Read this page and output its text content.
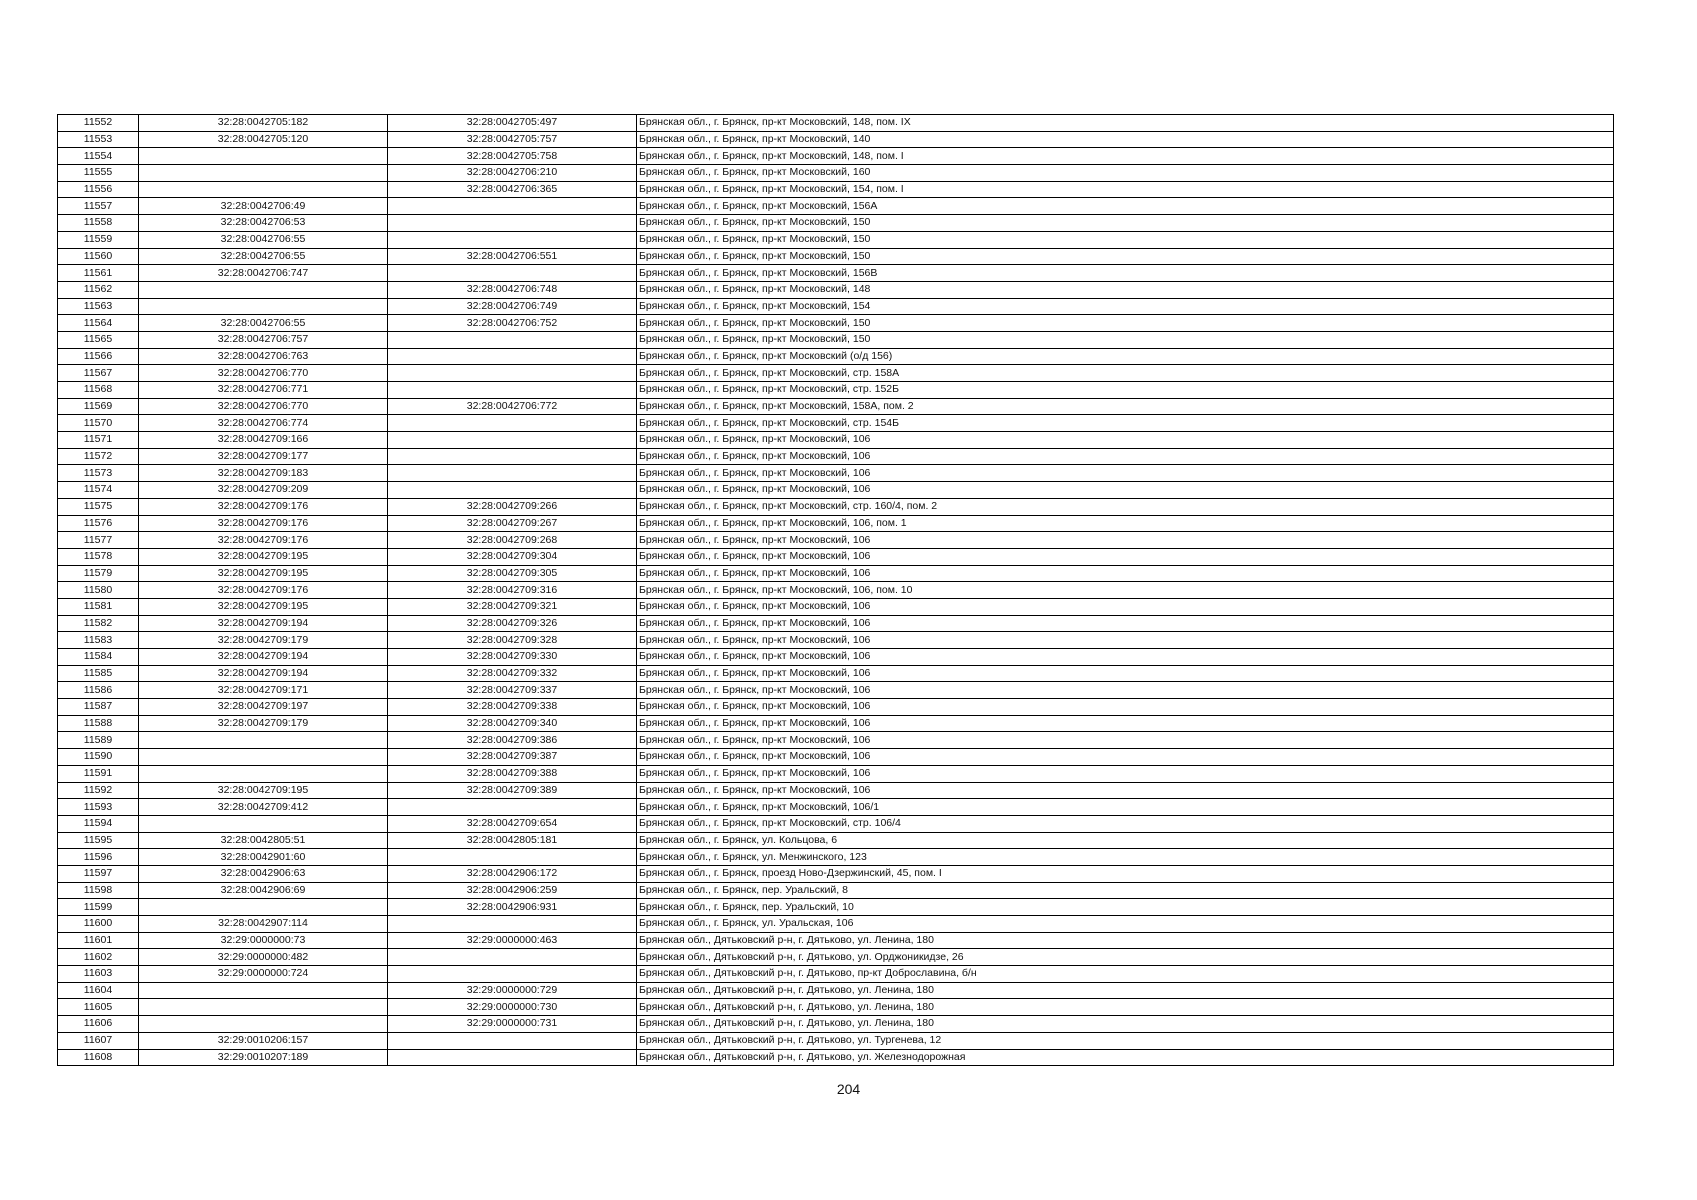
11552	32:28:0042705:182	32:28:0042705:497	Брянская обл., г. Брянск, пр-кт Московский, 148, пом. IX
11553	32:28:0042705:120	32:28:0042705:757	Брянская обл., г. Брянск, пр-кт Московский, 140
11554		32:28:0042705:758	Брянская обл., г. Брянск, пр-кт Московский, 148, пом. I
11555		32:28:0042706:210	Брянская обл., г. Брянск, пр-кт Московский, 160
11556		32:28:0042706:365	Брянская обл., г. Брянск, пр-кт Московский, 154, пом. I
11557	32:28:0042706:49		Брянская обл., г. Брянск, пр-кт Московский, 156А
11558	32:28:0042706:53		Брянская обл., г. Брянск, пр-кт Московский, 150
11559	32:28:0042706:55		Брянская обл., г. Брянск, пр-кт Московский, 150
11560	32:28:0042706:55	32:28:0042706:551	Брянская обл., г. Брянск, пр-кт Московский, 150
11561	32:28:0042706:747		Брянская обл., г. Брянск, пр-кт Московский, 156В
11562		32:28:0042706:748	Брянская обл., г. Брянск, пр-кт Московский, 148
11563		32:28:0042706:749	Брянская обл., г. Брянск, пр-кт Московский, 154
11564	32:28:0042706:55	32:28:0042706:752	Брянская обл., г. Брянск, пр-кт Московский, 150
11565	32:28:0042706:757		Брянская обл., г. Брянск, пр-кт Московский, 150
11566	32:28:0042706:763		Брянская обл., г. Брянск, пр-кт Московский (о/д 156)
11567	32:28:0042706:770		Брянская обл., г. Брянск, пр-кт Московский, стр. 158А
11568	32:28:0042706:771		Брянская обл., г. Брянск, пр-кт Московский, стр. 152Б
11569	32:28:0042706:770	32:28:0042706:772	Брянская обл., г. Брянск, пр-кт Московский, 158А, пом. 2
11570	32:28:0042706:774		Брянская обл., г. Брянск, пр-кт Московский, стр. 154Б
11571	32:28:0042709:166		Брянская обл., г. Брянск, пр-кт Московский, 106
11572	32:28:0042709:177		Брянская обл., г. Брянск, пр-кт Московский, 106
11573	32:28:0042709:183		Брянская обл., г. Брянск, пр-кт Московский, 106
11574	32:28:0042709:209		Брянская обл., г. Брянск, пр-кт Московский, 106
11575	32:28:0042709:176	32:28:0042709:266	Брянская обл., г. Брянск, пр-кт Московский, стр. 160/4, пом. 2
11576	32:28:0042709:176	32:28:0042709:267	Брянская обл., г. Брянск, пр-кт Московский, 106, пом. 1
11577	32:28:0042709:176	32:28:0042709:268	Брянская обл., г. Брянск, пр-кт Московский, 106
11578	32:28:0042709:195	32:28:0042709:304	Брянская обл., г. Брянск, пр-кт Московский, 106
11579	32:28:0042709:195	32:28:0042709:305	Брянская обл., г. Брянск, пр-кт Московский, 106
11580	32:28:0042709:176	32:28:0042709:316	Брянская обл., г. Брянск, пр-кт Московский, 106, пом. 10
11581	32:28:0042709:195	32:28:0042709:321	Брянская обл., г. Брянск, пр-кт Московский, 106
11582	32:28:0042709:194	32:28:0042709:326	Брянская обл., г. Брянск, пр-кт Московский, 106
11583	32:28:0042709:179	32:28:0042709:328	Брянская обл., г. Брянск, пр-кт Московский, 106
11584	32:28:0042709:194	32:28:0042709:330	Брянская обл., г. Брянск, пр-кт Московский, 106
11585	32:28:0042709:194	32:28:0042709:332	Брянская обл., г. Брянск, пр-кт Московский, 106
11586	32:28:0042709:171	32:28:0042709:337	Брянская обл., г. Брянск, пр-кт Московский, 106
11587	32:28:0042709:197	32:28:0042709:338	Брянская обл., г. Брянск, пр-кт Московский, 106
11588	32:28:0042709:179	32:28:0042709:340	Брянская обл., г. Брянск, пр-кт Московский, 106
11589		32:28:0042709:386	Брянская обл., г. Брянск, пр-кт Московский, 106
11590		32:28:0042709:387	Брянская обл., г. Брянск, пр-кт Московский, 106
11591		32:28:0042709:388	Брянская обл., г. Брянск, пр-кт Московский, 106
11592	32:28:0042709:195	32:28:0042709:389	Брянская обл., г. Брянск, пр-кт Московский, 106
11593	32:28:0042709:412		Брянская обл., г. Брянск, пр-кт Московский, 106/1
11594		32:28:0042709:654	Брянская обл., г. Брянск, пр-кт Московский, стр. 106/4
11595	32:28:0042805:51	32:28:0042805:181	Брянская обл., г. Брянск, ул. Кольцова, 6
11596	32:28:0042901:60		Брянская обл., г. Брянск, ул. Менжинского, 123
11597	32:28:0042906:63	32:28:0042906:172	Брянская обл., г. Брянск, проезд Ново-Дзержинский, 45, пом. I
11598	32:28:0042906:69	32:28:0042906:259	Брянская обл., г. Брянск, пер. Уральский, 8
11599		32:28:0042906:931	Брянская обл., г. Брянск, пер. Уральский, 10
11600	32:28:0042907:114		Брянская обл., г. Брянск, ул. Уральская, 106
11601	32:29:0000000:73	32:29:0000000:463	Брянская обл., Дятьковский р-н, г. Дятьково, ул. Ленина, 180
11602	32:29:0000000:482		Брянская обл., Дятьковский р-н, г. Дятьково, ул. Орджоникидзе, 26
11603	32:29:0000000:724		Брянская обл., Дятьковский р-н, г. Дятьково, пр-кт Доброславина, б/н
11604		32:29:0000000:729	Брянская обл., Дятьковский р-н, г. Дятьково, ул. Ленина, 180
11605		32:29:0000000:730	Брянская обл., Дятьковский р-н, г. Дятьково, ул. Ленина, 180
11606		32:29:0000000:731	Брянская обл., Дятьковский р-н, г. Дятьково, ул. Ленина, 180
11607	32:29:0010206:157		Брянская обл., Дятьковский р-н, г. Дятьково, ул. Тургенева, 12
11608	32:29:0010207:189		Брянская обл., Дятьковский р-н, г. Дятьково, ул. Железнодорожная
204
